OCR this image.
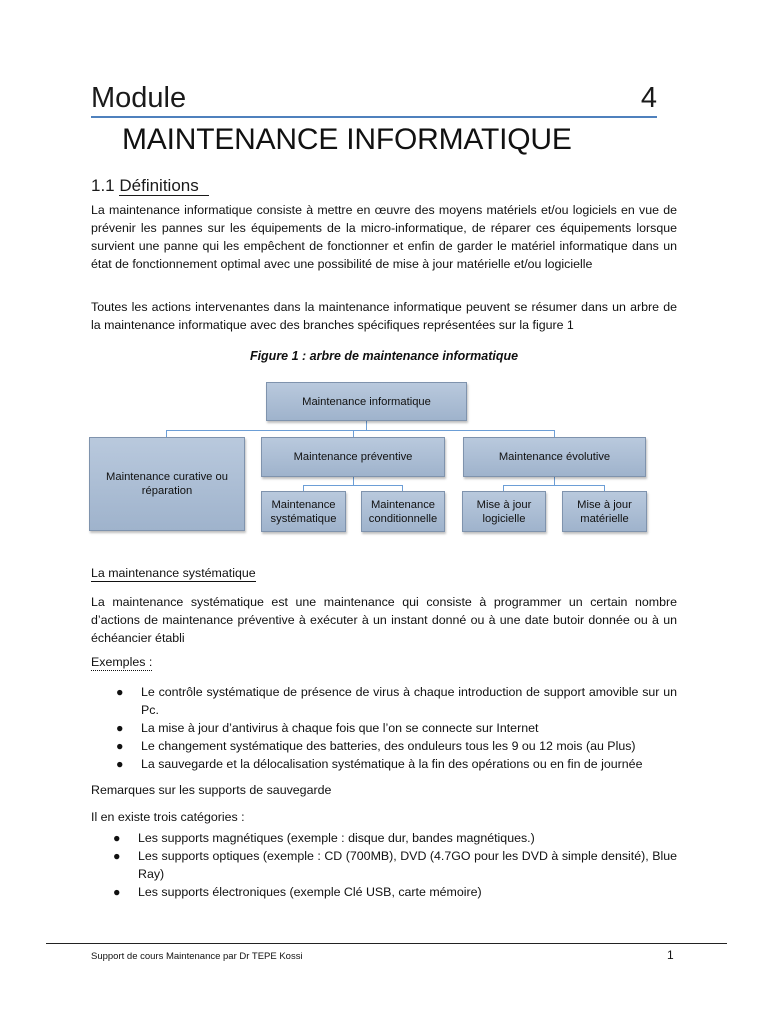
Module	4
MAINTENANCE INFORMATIQUE
1.1 Définitions
La maintenance informatique consiste à mettre en œuvre des moyens matériels et/ou logiciels en vue de prévenir les pannes sur les équipements de la micro-informatique, de réparer ces équipements lorsque survient une panne qui les empêchent de fonctionner et enfin de garder le matériel informatique dans un état de fonctionnement optimal avec une possibilité de mise à jour matérielle et/ou logicielle
Toutes les actions intervenantes dans la maintenance informatique peuvent se résumer dans un arbre de la maintenance informatique avec des branches spécifiques représentées sur la figure 1
Figure 1 : arbre de maintenance informatique
Maintenance informatique
Maintenance curative ou réparation
Maintenance préventive	Maintenance évolutive
Maintenance systématique
Maintenance conditionnelle
Mise à jour logicielle
Mise à jour matérielle
La maintenance systématique
La maintenance systématique est une maintenance qui consiste à programmer un certain nombre d’actions de maintenance préventive à exécuter à un instant donné ou à une date butoir donnée ou à un échéancier établi
Exemples :
● Le contrôle systématique de présence de virus à chaque introduction de support amovible sur un Pc.
● La mise à jour d’antivirus à chaque fois que l’on se connecte sur Internet
● Le changement systématique des batteries, des onduleurs tous les 9 ou 12 mois (au Plus)
● La sauvegarde et la délocalisation systématique à la fin des opérations ou en fin de journée
Remarques sur les supports de sauvegarde
Il en existe trois catégories :
● Les supports magnétiques (exemple : disque dur, bandes magnétiques.)
● Les supports optiques (exemple : CD (700MB), DVD (4.7GO pour les DVD à simple densité), Blue Ray)
● Les supports électroniques (exemple Clé USB, carte mémoire)
Support de cours Maintenance par Dr TEPE Kossi	1
